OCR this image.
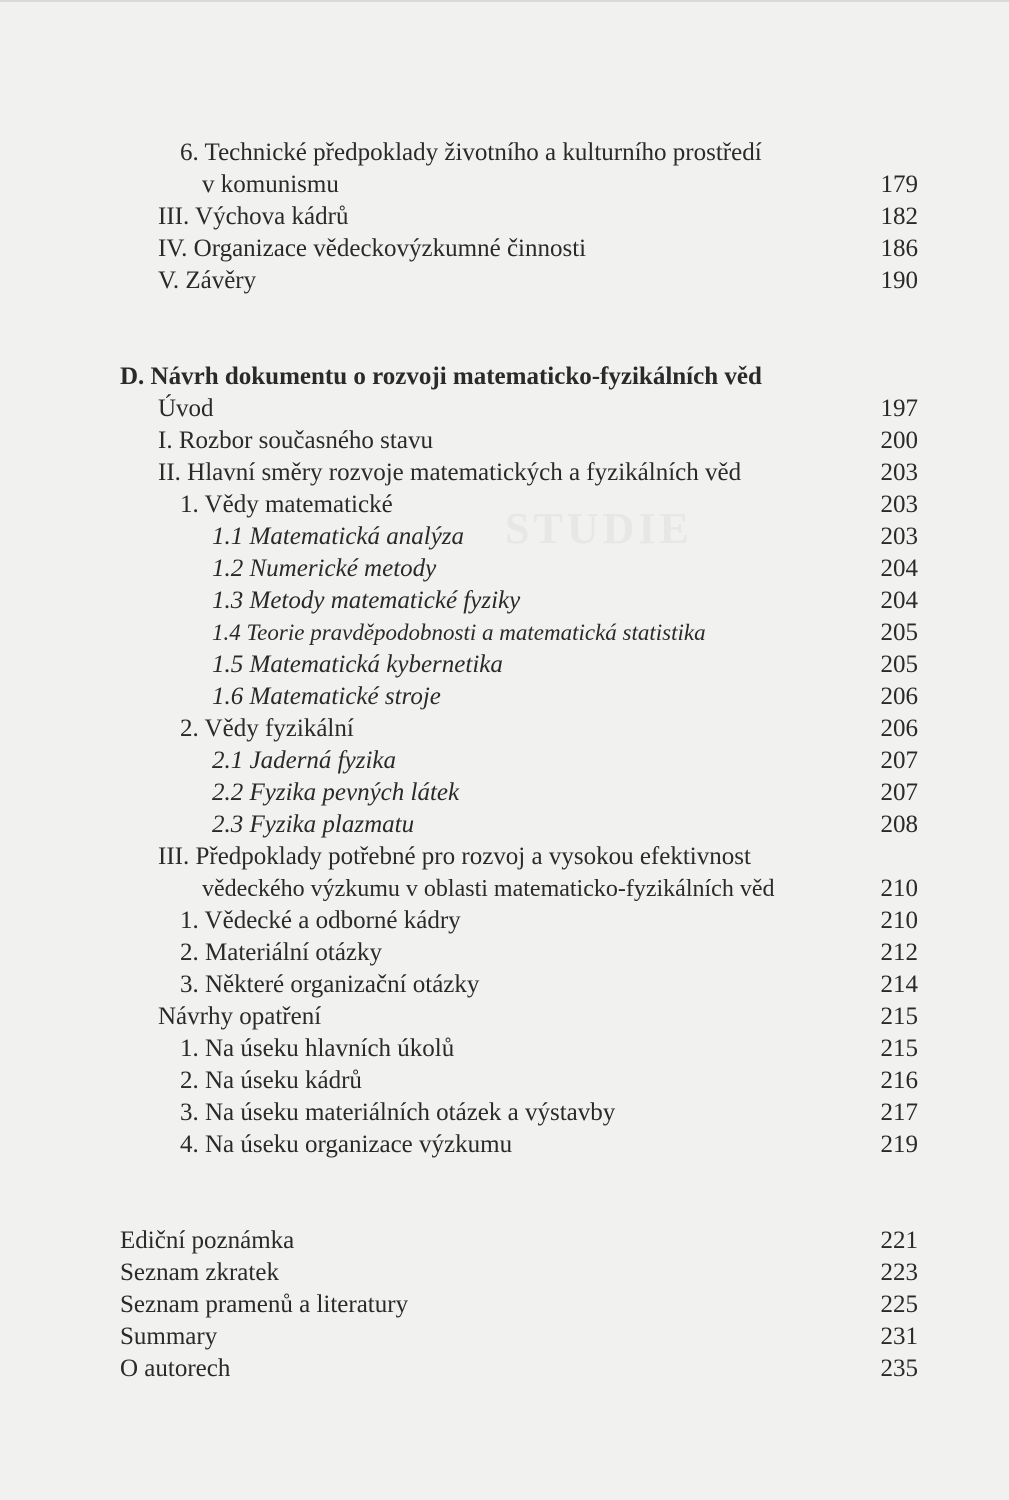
STUDIE
6. Technické předpoklady životního a kulturního prostředí
v komunismu	179
III. Výchova kádrů	182
IV. Organizace vědeckovýzkumné činnosti	186
V. Závěry	190
D. Návrh dokumentu o rozvoji matematicko-fyzikálních věd
Úvod	197
I. Rozbor současného stavu	200
II. Hlavní směry rozvoje matematických a fyzikálních věd	203
1. Vědy matematické	203
1.1 Matematická analýza	203
1.2 Numerické metody	204
1.3 Metody matematické fyziky	204
1.4 Teorie pravděpodobnosti a matematická statistika	205
1.5 Matematická kybernetika	205
1.6 Matematické stroje	206
2. Vědy fyzikální	206
2.1 Jaderná fyzika	207
2.2 Fyzika pevných látek	207
2.3 Fyzika plazmatu	208
III. Předpoklady potřebné pro rozvoj a vysokou efektivnost
vědeckého výzkumu v oblasti matematicko-fyzikálních věd	210
1. Vědecké a odborné kádry	210
2. Materiální otázky	212
3. Některé organizační otázky	214
Návrhy opatření	215
1. Na úseku hlavních úkolů	215
2. Na úseku kádrů	216
3. Na úseku materiálních otázek a výstavby	217
4. Na úseku organizace výzkumu	219
Ediční poznámka	221
Seznam zkratek	223
Seznam pramenů a literatury	225
Summary	231
O autorech	235
